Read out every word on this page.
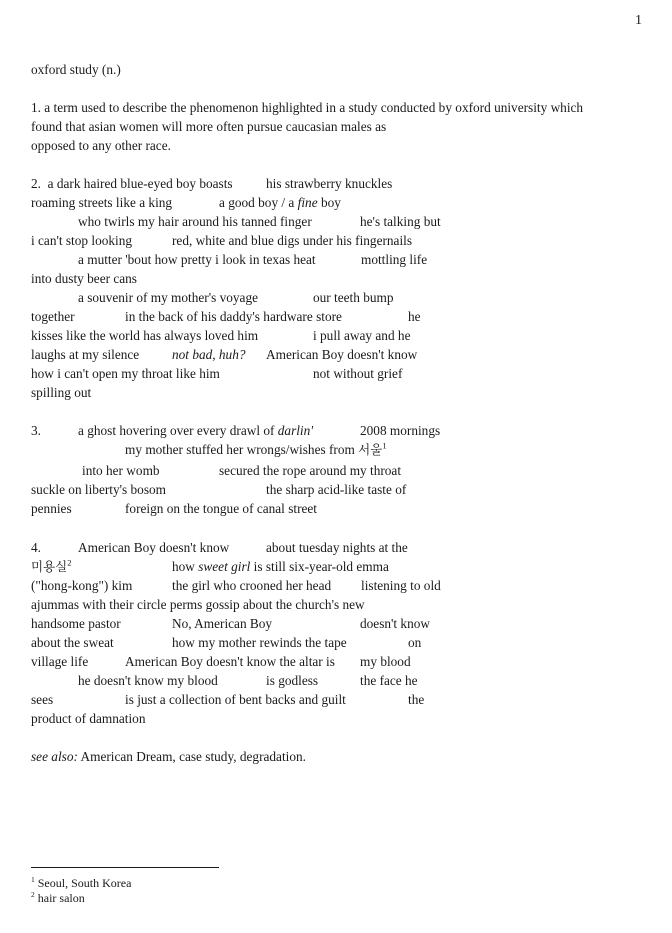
1
oxford study (n.)
1. a term used to describe the phenomenon highlighted in a study conducted by oxford university which
found that asian women will more often pursue caucasian males as
opposed to any other race.
2.  a dark haired blue-eyed boy boasts	his strawberry knuckles
roaming streets like a king	a good boy / a fine boy
who twirls my hair around his tanned finger	he's talking but
i can't stop looking	red, white and blue digs under his fingernails
a mutter 'bout how pretty i look in texas heat	mottling life
into dusty beer cans
a souvenir of my mother's voyage	our teeth bump
together	in the back of his daddy's hardware store	he
kisses like the world has always loved him	i pull away and he
laughs at my silence not bad, huh? American Boy doesn't know
how i can't open my throat like him	not without grief
spilling out
3.	a ghost hovering over every drawl of darlin'	2008 mornings
my mother stuffed her wrongs/wishes from 서울$^1$
into her womb	secured the rope around my throat
suckle on liberty's bosom	the sharp acid-like taste of
pennies	foreign on the tongue of canal street
4.	American Boy doesn't know	about tuesday nights at the
미용실$^2$	how sweet girl is still six-year-old emma
("hong-kong") kim	the girl who crooned her head listening to old
ajummas with their circle perms gossip about the church's new
handsome pastor	No, American Boy	doesn't know
about the sweat	how my mother rewinds the tape	on
village life	American Boy doesn't know the altar is my blood
he doesn't know my blood	is godless	the face he
sees	is just a collection of bent backs and guilt	the
product of damnation
see also: American Dream, case study, degradation.
$^1$ Seoul, South Korea
$^2$ hair salon
